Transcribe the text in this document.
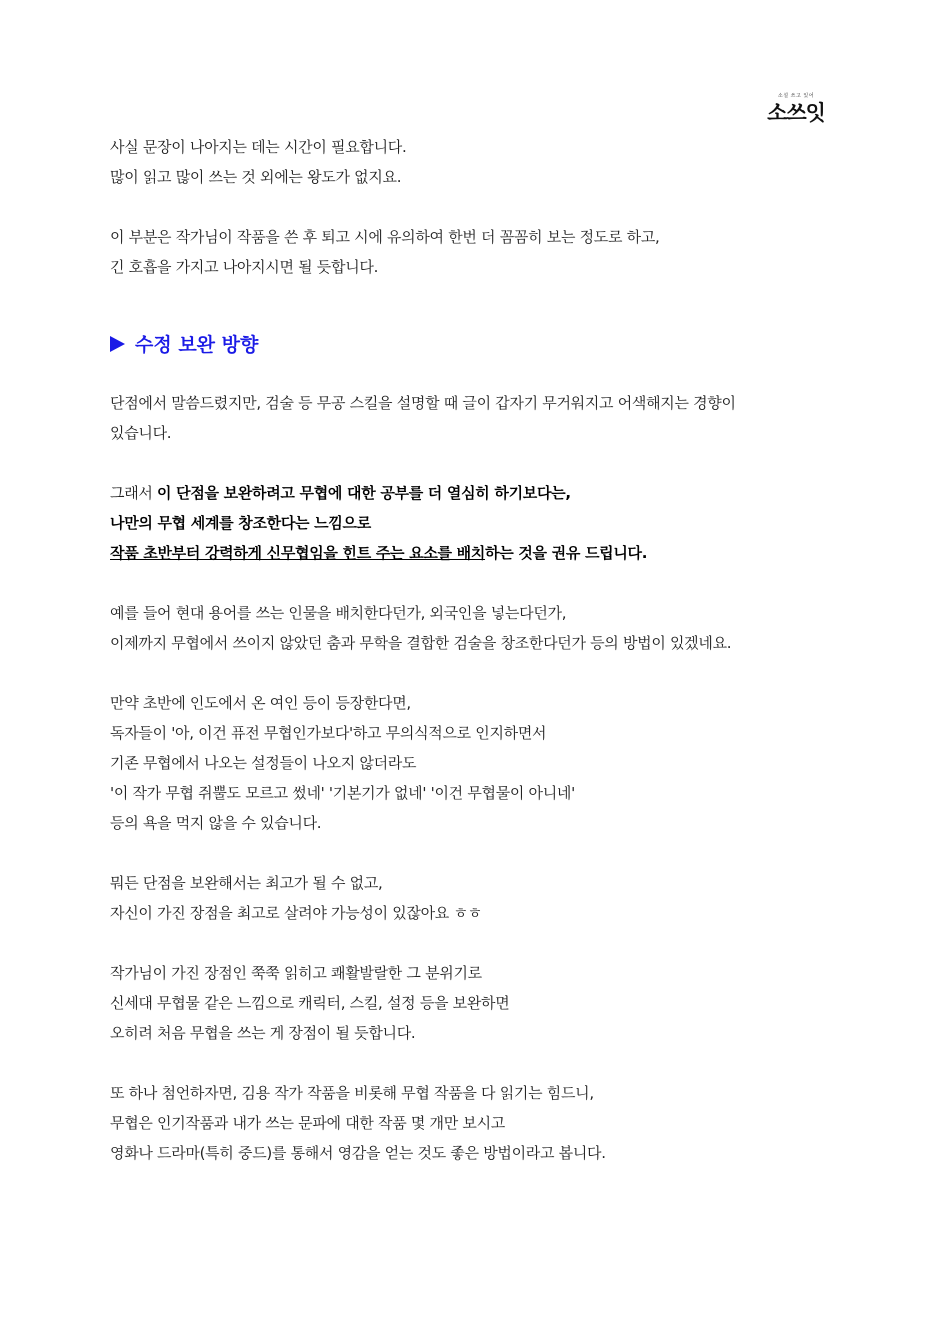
소설 쓰고 있어
소쓰잇
사실 문장이 나아지는 데는 시간이 필요합니다.
많이 읽고 많이 쓰는 것 외에는 왕도가 없지요.
이 부분은 작가님이 작품을 쓴 후 퇴고 시에 유의하여 한번 더 꼼꼼히 보는 정도로 하고,
긴 호흡을 가지고 나아지시면 될 듯합니다.
수정 보완 방향
단점에서 말씀드렸지만, 검술 등 무공 스킬을 설명할 때 글이 갑자기 무거워지고 어색해지는 경향이
있습니다.
그래서 이 단점을 보완하려고 무협에 대한 공부를 더 열심히 하기보다는,
나만의 무협 세계를 창조한다는 느낌으로
작품 초반부터 강력하게 신무협임을 힌트 주는 요소를 배치하는 것을 권유 드립니다.
예를 들어 현대 용어를 쓰는 인물을 배치한다던가, 외국인을 넣는다던가,
이제까지 무협에서 쓰이지 않았던 춤과 무학을 결합한 검술을 창조한다던가 등의 방법이 있겠네요.
만약 초반에 인도에서 온 여인 등이 등장한다면,
독자들이 '아, 이건 퓨전 무협인가보다'하고 무의식적으로 인지하면서
기존 무협에서 나오는 설정들이 나오지 않더라도
'이 작가 무협 쥐뿔도 모르고 썼네' '기본기가 없네' '이건 무협물이 아니네'
등의 욕을 먹지 않을 수 있습니다.
뭐든 단점을 보완해서는 최고가 될 수 없고,
자신이 가진 장점을 최고로 살려야 가능성이 있잖아요 ㅎㅎ
작가님이 가진 장점인 쭉쭉 읽히고 쾌활발랄한 그 분위기로
신세대 무협물 같은 느낌으로 캐릭터, 스킬, 설정 등을 보완하면
오히려 처음 무협을 쓰는 게 장점이 될 듯합니다.
또 하나 첨언하자면, 김용 작가 작품을 비롯해 무협 작품을 다 읽기는 힘드니,
무협은 인기작품과 내가 쓰는 문파에 대한 작품 몇 개만 보시고
영화나 드라마(특히 중드)를 통해서 영감을 얻는 것도 좋은 방법이라고 봅니다.
